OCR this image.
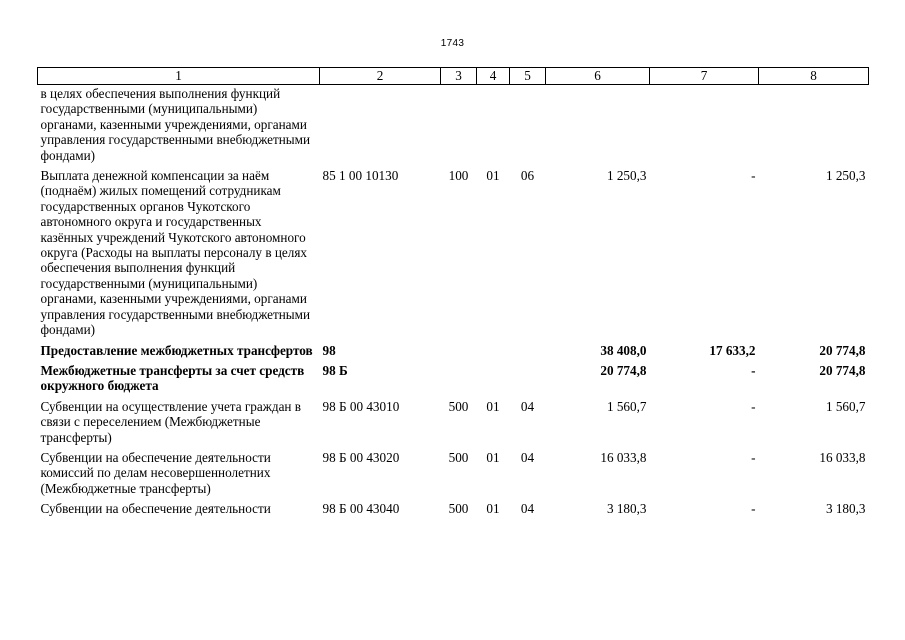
1743
1	2	3	4	5	6	7	8
в целях обеспечения выполнения функций государственными (муниципальными) органами, казенными учреждениями, органами управления государственными внебюджетными фондами)							
Выплата денежной компенсации за наём (поднаём) жилых помещений сотрудникам государственных органов Чукотского автономного округа и государственных казённых учреждений Чукотского автономного округа (Расходы на выплаты персоналу в целях обеспечения выполнения функций государственными (муниципальными) органами, казенными учреждениями, органами управления государственными внебюджетными фондами)	85 1 00 10130	100	01	06	1 250,3	-	1 250,3
Предоставление межбюджетных трансфертов	98				38 408,0	17 633,2	20 774,8
Межбюджетные трансферты за счет средств окружного бюджета	98 Б				20 774,8	-	20 774,8
Субвенции на осуществление учета граждан в связи с переселением (Межбюджетные трансферты)	98 Б 00 43010	500	01	04	1 560,7	-	1 560,7
Субвенции на обеспечение деятельности комиссий по делам несовершеннолетних (Межбюджетные трансферты)	98 Б 00 43020	500	01	04	16 033,8	-	16 033,8
Субвенции на обеспечение деятельности	98 Б 00 43040	500	01	04	3 180,3	-	3 180,3
